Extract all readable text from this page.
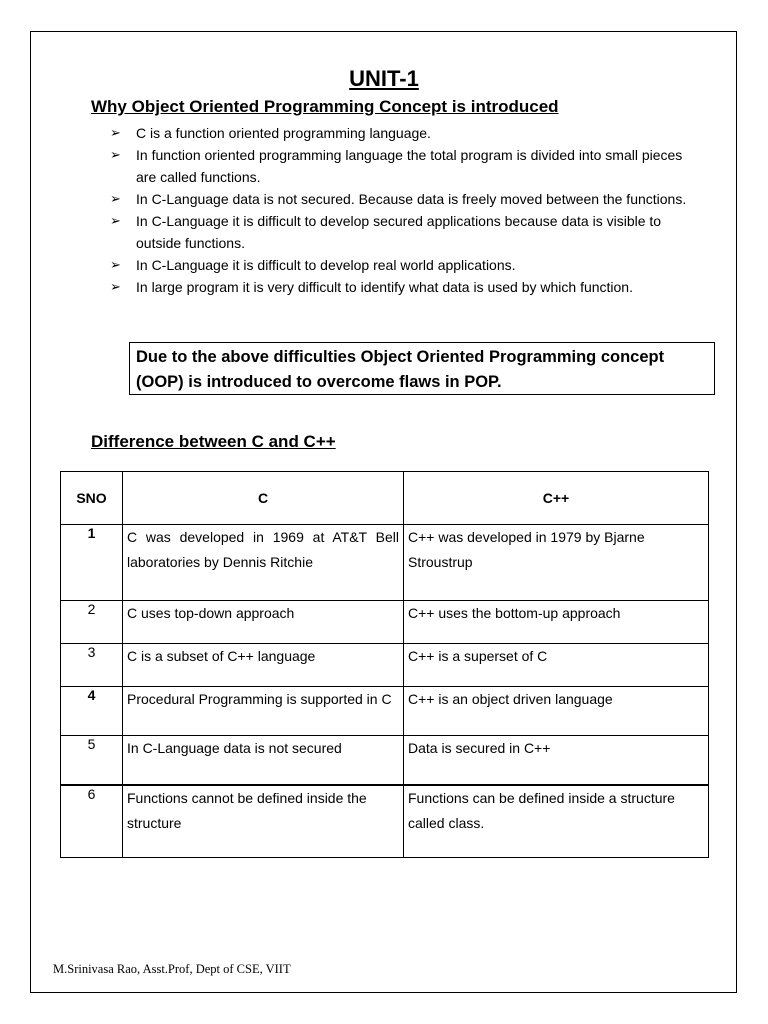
UNIT-1
Why Object Oriented Programming Concept is introduced
➢ C is a function oriented programming language.
➢ In function oriented programming language the total program is divided into small pieces are called functions.
➢ In C-Language data is not secured. Because data is freely moved between the functions.
➢ In C-Language it is difficult to develop secured applications because data is visible to outside functions.
➢ In C-Language it is difficult to develop real world applications.
➢ In large program it is very difficult to identify what data is used by which function.
Due to the above difficulties Object Oriented Programming concept (OOP) is introduced to overcome flaws in POP.
Difference between C and C++
SNO	C	C++
1	C was developed in 1969 at AT&T Bell laboratories by Dennis Ritchie	C++ was developed in 1979 by Bjarne Stroustrup
2	C uses top-down approach	C++ uses the bottom-up approach
3	C is a subset of C++ language	C++ is a superset of C
4	Procedural Programming is supported in C	C++ is an object driven language
5	In C-Language data is not secured	Data is secured in C++
6	Functions cannot be defined inside the structure	Functions can be defined inside a structure called class.
M.Srinivasa Rao, Asst.Prof, Dept of CSE, VIIT
